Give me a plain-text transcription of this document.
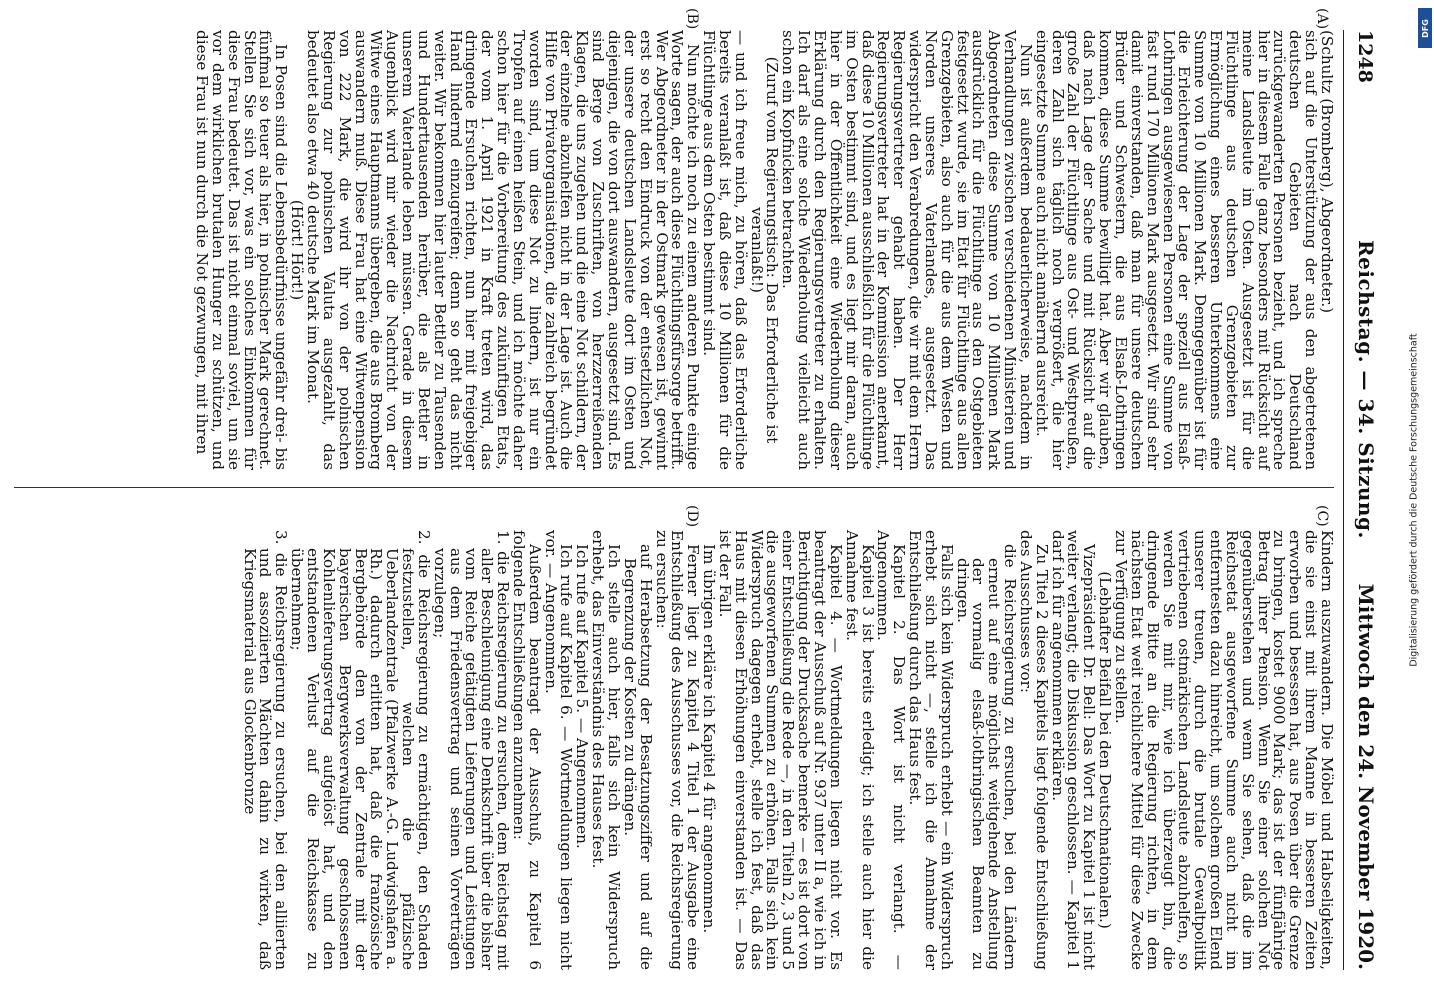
1248
Reichstag. — 34. Sitzung.
Mittwoch den 24. November 1920.
(A)
(B)
(C)
(D)

(Schultz (Bromberg), Abgeordneter.)

sich auf die Unterstützung der aus den abgetretenen deutschen Gebieten nach Deutschland zurückgewanderten Personen bezieht, und ich spreche hier in diesem Falle ganz besonders mit Rücksicht auf meine Landsleute im Osten. Ausgesetzt ist für die Flüchtlinge aus deutschen Grenzgebieten zur Ermöglichung eines besseren Unterkommens eine Summe von 10 Millionen Mark. Demgegenüber ist für die Erleichterung der Lage der speziell aus Elsaß-Lothringen ausgewiesenen Personen eine Summe von fast rund 170 Millionen Mark ausgesetzt. Wir sind sehr damit einverstanden, daß man für unsere deutschen Brüder und Schwestern, die aus Elsaß-Lothringen kommen, diese Summe bewilligt hat. Aber wir glauben, daß nach Lage der Sache und mit Rücksicht auf die große Zahl der Flüchtlinge aus Ost- und Westpreußen, deren Zahl sich täglich noch vergrößert, die hier eingesetzte Summe auch nicht annähernd ausreicht.

Nun ist außerdem bedauerlicherweise, nachdem in Verhandlungen zwischen verschiedenen Ministerien und Abgeordneten diese Summe von 10 Millionen Mark ausdrücklich für die Flüchtlinge aus den Ostgebieten festgesetzt wurde, sie im Etat für Flüchtlinge aus allen Grenzgebieten, also auch für die aus dem Westen und Norden unseres Vaterlandes, ausgesetzt. Das widerspricht den Verabredungen, die wir mit dem Herrn Regierungsvertreter gehabt haben. Der Herr Regierungsvertreter hat in der Kommission anerkannt, daß diese 10 Millionen ausschließlich für die Flüchtlinge im Osten bestimmt sind, und es liegt mir daran, auch hier in der Öffentlichkeit eine Wiederholung dieser Erklärung durch den Regierungsvertreter zu erhalten. Ich darf als eine solche Wiederholung vielleicht auch schon ein Kopfnicken betrachten.

(Zuruf vom Regierungstisch: Das Erforderliche ist veranlaßt!)

— und ich freue mich, zu hören, daß das Erforderliche bereits veranlaßt ist, daß diese 10 Millionen für die Flüchtlinge aus dem Osten bestimmt sind.

Nun möchte ich noch zu einem anderen Punkte einige Worte sagen, der auch diese Flüchtlingsfürsorge betrifft. Wer Abgeordneter in der Ostmark gewesen ist, gewinnt erst so recht den Eindruck von der entsetzlichen Not, der unsere deutschen Landsleute dort im Osten und diejenigen, die von dort auswandern, ausgesetzt sind. Es sind Berge von Zuschriften, von herzzerreißenden Klagen, die uns zugehen und die eine Not schildern, der der einzelne abzuhelfen nicht in der Lage ist. Auch die Hilfe von Privatorganisationen, die zahlreich begründet worden sind, um diese Not zu lindern, ist nur ein Tropfen auf einen heißen Stein, und ich möchte daher schon hier für die Vorbereitung des zukünftigen Etats, der vom 1. April 1921 in Kraft treten wird, das dringende Ersuchen richten, nun hier mit freigebiger Hand lindernd einzugreifen; denn so geht das nicht weiter. Wir bekommen hier lauter Bettler zu Tausenden und Hunderttausenden herüber, die als Bettler in unserem Vaterlande leben müssen. Gerade in diesem Augenblick wird mir wieder die Nachricht von der Witwe eines Hauptmanns übergeben, die aus Bromberg auswandern muß. Diese Frau hat eine Witwenpension von 222 Mark, die wird ihr von der polnischen Regierung zur polnischen Valuta ausgezahlt, das bedeutet also etwa 40 deutsche Mark im Monat.

(Hört! Hört!)

In Posen sind die Lebensbedürfnisse ungefähr drei- bis fünfmal so teuer als hier, in polnischer Mark gerechnet. Stellen Sie sich vor, was ein solches Einkommen für diese Frau bedeutet. Das ist nicht einmal soviel, um sie vor dem wirklichen brutalen Hunger zu schützen, und diese Frau ist nun durch die Not gezwungen, mit ihren

Kindern auszuwandern. Die Möbel und Habseligkeiten, die sie einst mit ihrem Manne in besseren Zeiten erworben und besessen hat, aus Posen über die Grenze zu bringen, kostet 9000 Mark; das ist der fünfjährige Betrag ihrer Pension. Wenn Sie einer solchen Not gegenüberstehen und wenn Sie sehen, daß die im Reichsetat ausgeworfene Summe auch nicht im entferntesten dazu hinreicht, um solchem großen Elend unserer treuen, durch die brutale Gewaltpolitik vertriebenen ostmärkischen Landsleute abzuhelfen, so werden Sie mit mir, wie ich überzeugt bin, die dringende Bitte an die Regierung richten, in dem nächsten Etat weit reichlichere Mittel für diese Zwecke zur Verfügung zu stellen.

(Lebhafter Beifall bei den Deutschnationalen.)

Vizepräsident Dr. Bell: Das Wort zu Kapitel 1 ist nicht weiter verlangt; die Diskussion geschlossen. — Kapitel 1 darf ich für angenommen erklären.

Zu Titel 2 dieses Kapitels liegt folgende Entschließung des Ausschusses vor:

die Reichsregierung zu ersuchen, bei den Ländern erneut auf eine möglichst weitgehende Anstellung der vormalig elsaß-lothringischen Beamten zu dringen.

Falls sich kein Widerspruch erhebt — ein Widerspruch erhebt sich nicht —, stelle ich die Annahme der Entschließung durch das Haus fest.

Kapitel 2. Das Wort ist nicht verlangt. — Angenommen.

Kapitel 3 ist bereits erledigt; ich stelle auch hier die Annahme fest.

Kapitel 4. — Wortmeldungen liegen nicht vor. Es beantragt der Ausschuß auf Nr. 937 unter II a, wie ich in Berichtigung der Drucksache bemerke — es ist dort von einer Entschließung die Rede —, in den Titeln 2, 3 und 5 die ausgeworfenen Summen zu erhöhen. Falls sich kein Widerspruch dagegen erhebt, stelle ich fest, daß das Haus mit diesen Erhöhungen einverstanden ist. — Das ist der Fall.

Im übrigen erkläre ich Kapitel 4 für angenommen.

Ferner liegt zu Kapitel 4 Titel 1 der Ausgabe eine Entschließung des Ausschusses vor, die Reichsregierung zu ersuchen:

auf Herabsetzung der Besatzungsziffer und auf die Begrenzung der Kosten zu drängen.

Ich stelle auch hier, falls sich kein Widerspruch erhebt, das Einverständnis des Hauses fest.

Ich rufe auf Kapitel 5. — Angenommen.

Ich rufe auf Kapitel 6. — Wortmeldungen liegen nicht vor. — Angenommen.

Außerdem beantragt der Ausschuß, zu Kapitel 6 folgende Entschließungen anzunehmen:

1. die Reichsregierung zu ersuchen, dem Reichstag mit aller Beschleunigung eine Denkschrift über die bisher vom Reiche getätigten Lieferungen und Leistungen aus dem Friedensvertrag und seinen Vorverträgen vorzulegen;

2. die Reichsregierung zu ermächtigen, den Schaden festzustellen, welchen die pfälzische Ueberlandzentrale (Pfalzwerke A.-G. Ludwigshafen a. Rh.) dadurch erlitten hat, daß die französische Bergbehörde den von der Zentrale mit der bayerischen Bergwerksverwaltung geschlossenen Kohlenlieferungsvertrag aufgelöst hat, und den entstandenen Verlust auf die Reichskasse zu übernehmen;

3. die Reichsregierung zu ersuchen, bei den alliierten und assoziierten Mächten dahin zu wirken, daß Kriegsmaterial aus Glockenbronze

Digitalisierung gefördert durch die Deutsche Forschungsgemeinschaft
DFG
